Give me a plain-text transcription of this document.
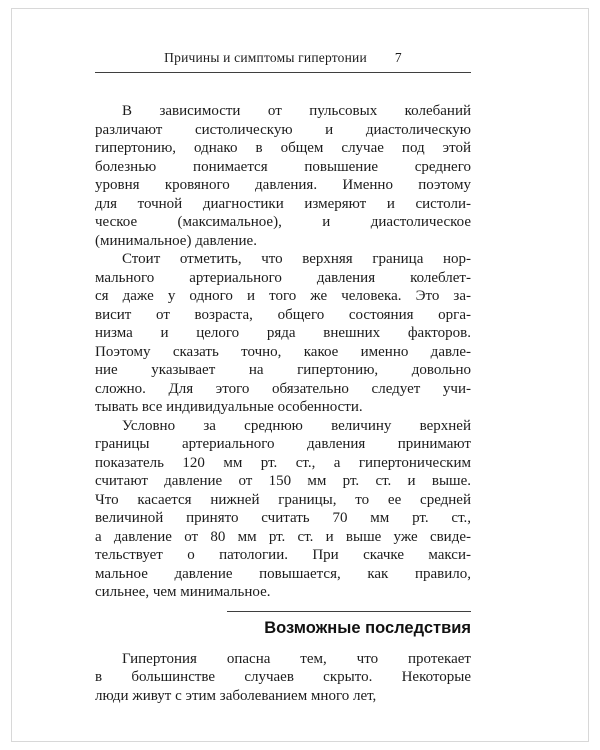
Причины и симптомы гипертонии 7
В зависимости от пульсовых колебаний
различают систолическую и диастолическую
гипертонию, однако в общем случае под этой
болезнью понимается повышение среднего
уровня кровяного давления. Именно поэтому
для точной диагностики измеряют и систоли-
ческое (максимальное), и диастолическое
(минимальное) давление.
Стоит отметить, что верхняя граница нор-
мального артериального давления колеблет-
ся даже у одного и того же человека. Это за-
висит от возраста, общего состояния орга-
низма и целого ряда внешних факторов.
Поэтому сказать точно, какое именно давле-
ние указывает на гипертонию, довольно
сложно. Для этого обязательно следует учи-
тывать все индивидуальные особенности.
Условно за среднюю величину верхней
границы артериального давления принимают
показатель 120 мм рт. ст., а гипертоническим
считают давление от 150 мм рт. ст. и выше.
Что касается нижней границы, то ее средней
величиной принято считать 70 мм рт. ст.,
а давление от 80 мм рт. ст. и выше уже свиде-
тельствует о патологии. При скачке макси-
мальное давление повышается, как правило,
сильнее, чем минимальное.
Возможные последствия
Гипертония опасна тем, что протекает
в большинстве случаев скрыто. Некоторые
люди живут с этим заболеванием много лет,
